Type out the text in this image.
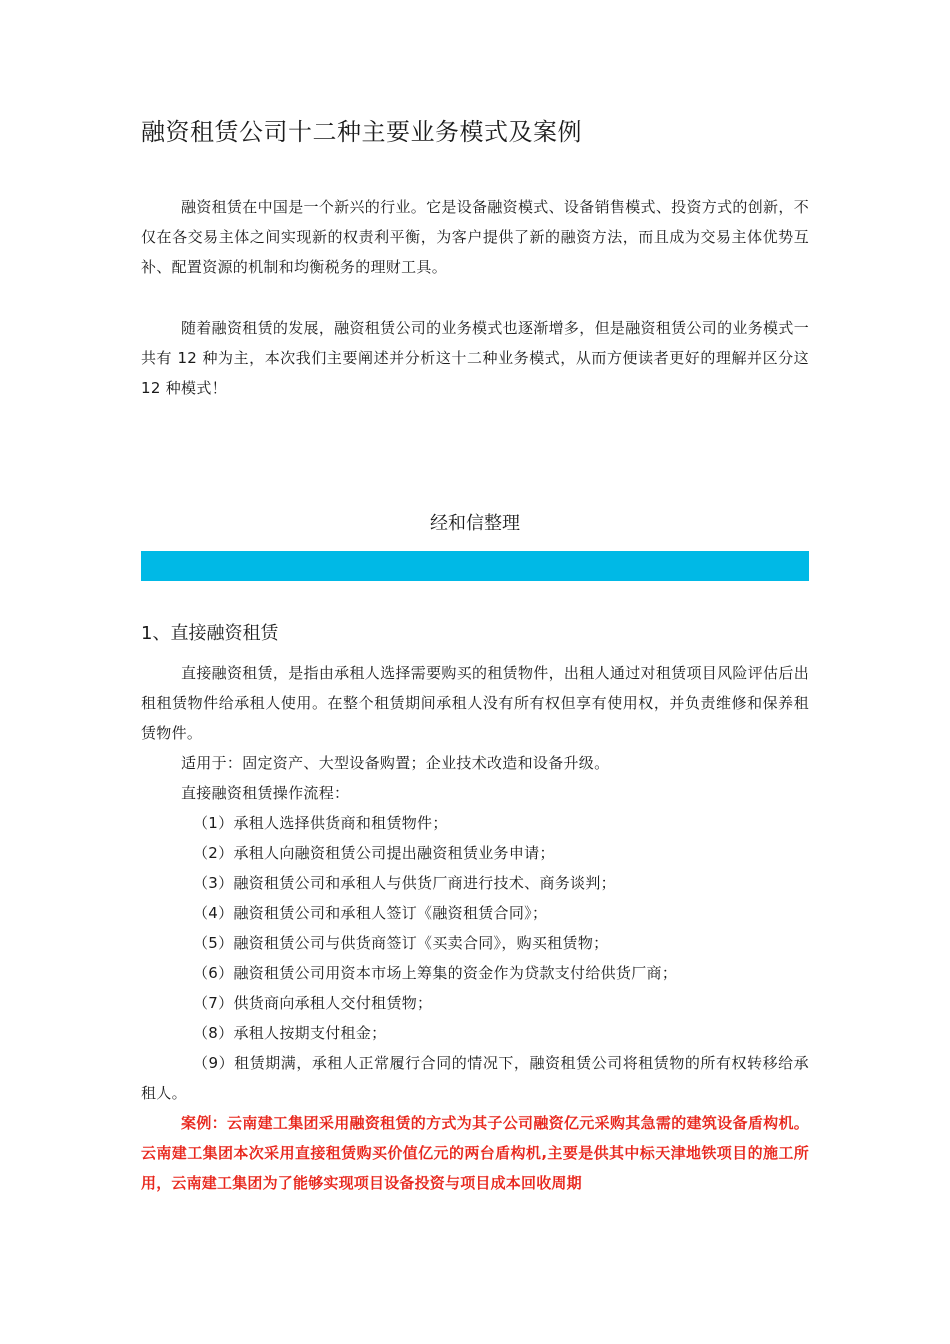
融资租赁公司十二种主要业务模式及案例

融资租赁在中国是一个新兴的行业。它是设备融资模式、设备销售模式、投资方式的创新，不仅在各交易主体之间实现新的权责利平衡，为客户提供了新的融资方法，而且成为交易主体优势互补、配置资源的机制和均衡税务的理财工具。

随着融资租赁的发展，融资租赁公司的业务模式也逐渐增多，但是融资租赁公司的业务模式一共有 12 种为主，本次我们主要阐述并分析这十二种业务模式，从而方便读者更好的理解并区分这 12 种模式！

经和信整理

1、直接融资租赁

直接融资租赁，是指由承租人选择需要购买的租赁物件，出租人通过对租赁项目风险评估后出租租赁物件给承租人使用。在整个租赁期间承租人没有所有权但享有使用权，并负责维修和保养租赁物件。

适用于：固定资产、大型设备购置；企业技术改造和设备升级。

直接融资租赁操作流程：

（1）承租人选择供货商和租赁物件；

（2）承租人向融资租赁公司提出融资租赁业务申请；

（3）融资租赁公司和承租人与供货厂商进行技术、商务谈判；

（4）融资租赁公司和承租人签订《融资租赁合同》；

（5）融资租赁公司与供货商签订《买卖合同》，购买租赁物；

（6）融资租赁公司用资本市场上筹集的资金作为贷款支付给供货厂商；

（7）供货商向承租人交付租赁物；

（8）承租人按期支付租金；

（9）租赁期满，承租人正常履行合同的情况下，融资租赁公司将租赁物的所有权转移给承租人。

案例：云南建工集团采用融资租赁的方式为其子公司融资亿元采购其急需的建筑设备盾构机。云南建工集团本次采用直接租赁购买价值亿元的两台盾构机,主要是供其中标天津地铁项目的施工所用，云南建工集团为了能够实现项目设备投资与项目成本回收周期
